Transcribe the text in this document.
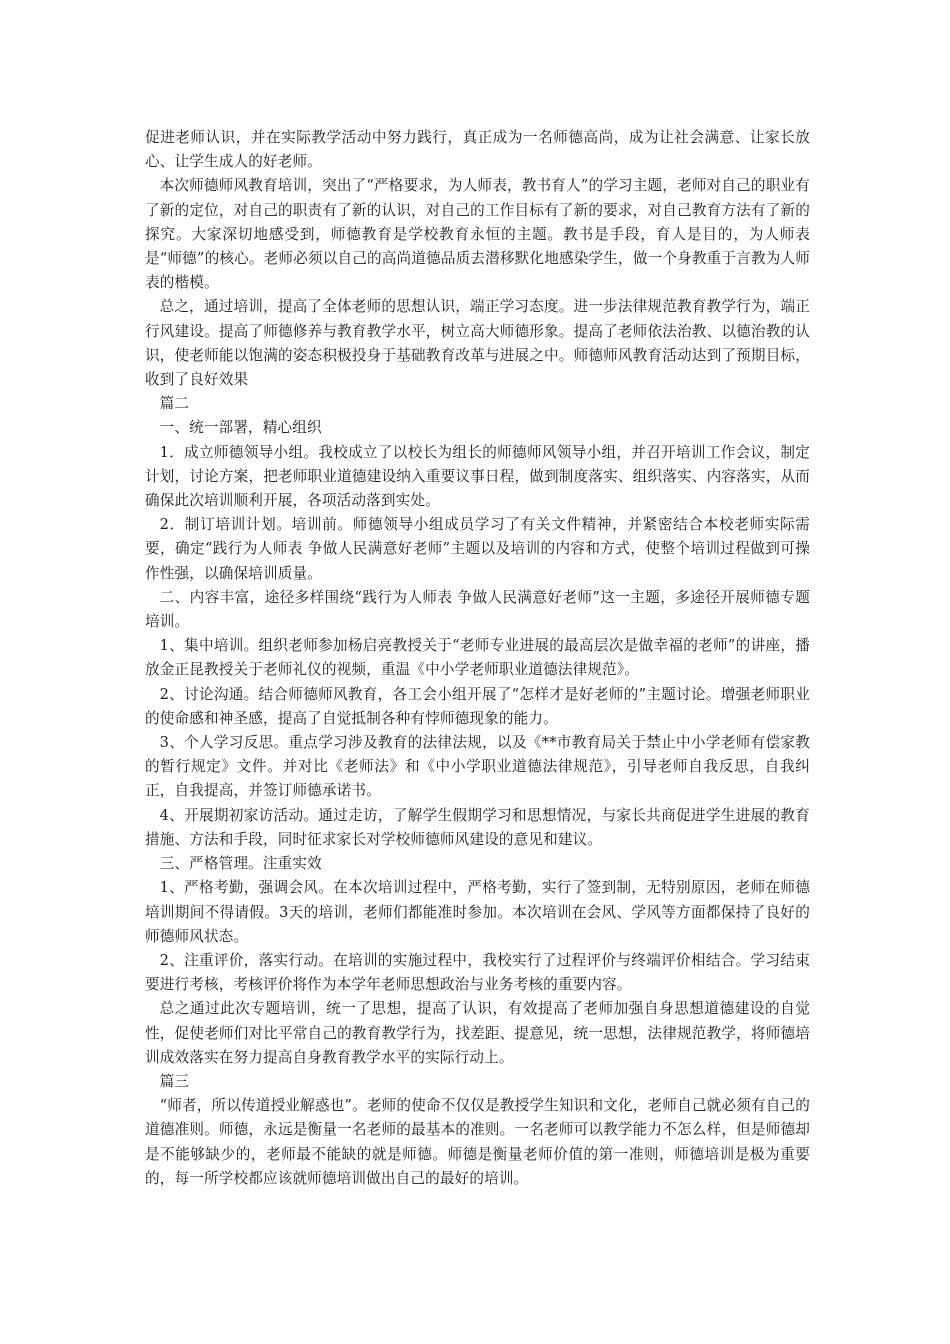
促进老师认识，并在实际教学活动中努力践行，真正成为一名师德高尚，成为让社会满意、让家长放心、让学生成人的好老师。

本次师德师风教育培训，突出了“严格要求，为人师表，教书育人”的学习主题，老师对自己的职业有了新的定位，对自己的职责有了新的认识，对自己的工作目标有了新的要求，对自己教育方法有了新的探究。大家深切地感受到，师德教育是学校教育永恒的主题。教书是手段，育人是目的，为人师表是“师德”的核心。老师必须以自己的高尚道德品质去潜移默化地感染学生，做一个身教重于言教为人师表的楷模。

总之，通过培训，提高了全体老师的思想认识，端正学习态度。进一步法律规范教育教学行为，端正行风建设。提高了师德修养与教育教学水平，树立高大师德形象。提高了老师依法治教、以德治教的认识，使老师能以饱满的姿态积极投身于基础教育改革与进展之中。师德师风教育活动达到了预期目标，收到了良好效果

篇二

一、统一部署，精心组织

1．成立师德领导小组。我校成立了以校长为组长的师德师风领导小组，并召开培训工作会议，制定计划，讨论方案，把老师职业道德建设纳入重要议事日程，做到制度落实、组织落实、内容落实，从而确保此次培训顺利开展，各项活动落到实处。

2．制订培训计划。培训前。师德领导小组成员学习了有关文件精神，并紧密结合本校老师实际需要，确定“践行为人师表 争做人民满意好老师”主题以及培训的内容和方式，使整个培训过程做到可操作性强，以确保培训质量。

二、内容丰富，途径多样围绕“践行为人师表 争做人民满意好老师”这一主题，多途径开展师德专题培训。

1、集中培训。组织老师参加杨启亮教授关于“老师专业进展的最高层次是做幸福的老师”的讲座，播放金正昆教授关于老师礼仪的视频，重温《中小学老师职业道德法律规范》。

2、讨论沟通。结合师德师风教育，各工会小组开展了“怎样才是好老师的”主题讨论。增强老师职业的使命感和神圣感，提高了自觉抵制各种有悖师德现象的能力。

3、个人学习反思。重点学习涉及教育的法律法规，以及《**市教育局关于禁止中小学老师有偿家教的暂行规定》文件。并对比《老师法》和《中小学职业道德法律规范》，引导老师自我反思，自我纠正，自我提高，并签订师德承诺书。

4、开展期初家访活动。通过走访，了解学生假期学习和思想情况，与家长共商促进学生进展的教育措施、方法和手段，同时征求家长对学校师德师风建设的意见和建议。

三、严格管理。注重实效

1、严格考勤，强调会风。在本次培训过程中，严格考勤，实行了签到制，无特别原因，老师在师德培训期间不得请假。3天的培训，老师们都能准时参加。本次培训在会风、学风等方面都保持了良好的师德师风状态。

2、注重评价，落实行动。在培训的实施过程中，我校实行了过程评价与终端评价相结合。学习结束要进行考核，考核评价将作为本学年老师思想政治与业务考核的重要内容。

总之通过此次专题培训，统一了思想，提高了认识，有效提高了老师加强自身思想道德建设的自觉性，促使老师们对比平常自己的教育教学行为，找差距、提意见，统一思想，法律规范教学，将师德培训成效落实在努力提高自身教育教学水平的实际行动上。

篇三

“师者，所以传道授业解惑也”。老师的使命不仅仅是教授学生知识和文化，老师自己就必须有自己的道德准则。师德，永远是衡量一名老师的最基本的准则。一名老师可以教学能力不怎么样，但是师德却是不能够缺少的，老师最不能缺的就是师德。师德是衡量老师价值的第一准则，师德培训是极为重要的，每一所学校都应该就师德培训做出自己的最好的培训。
